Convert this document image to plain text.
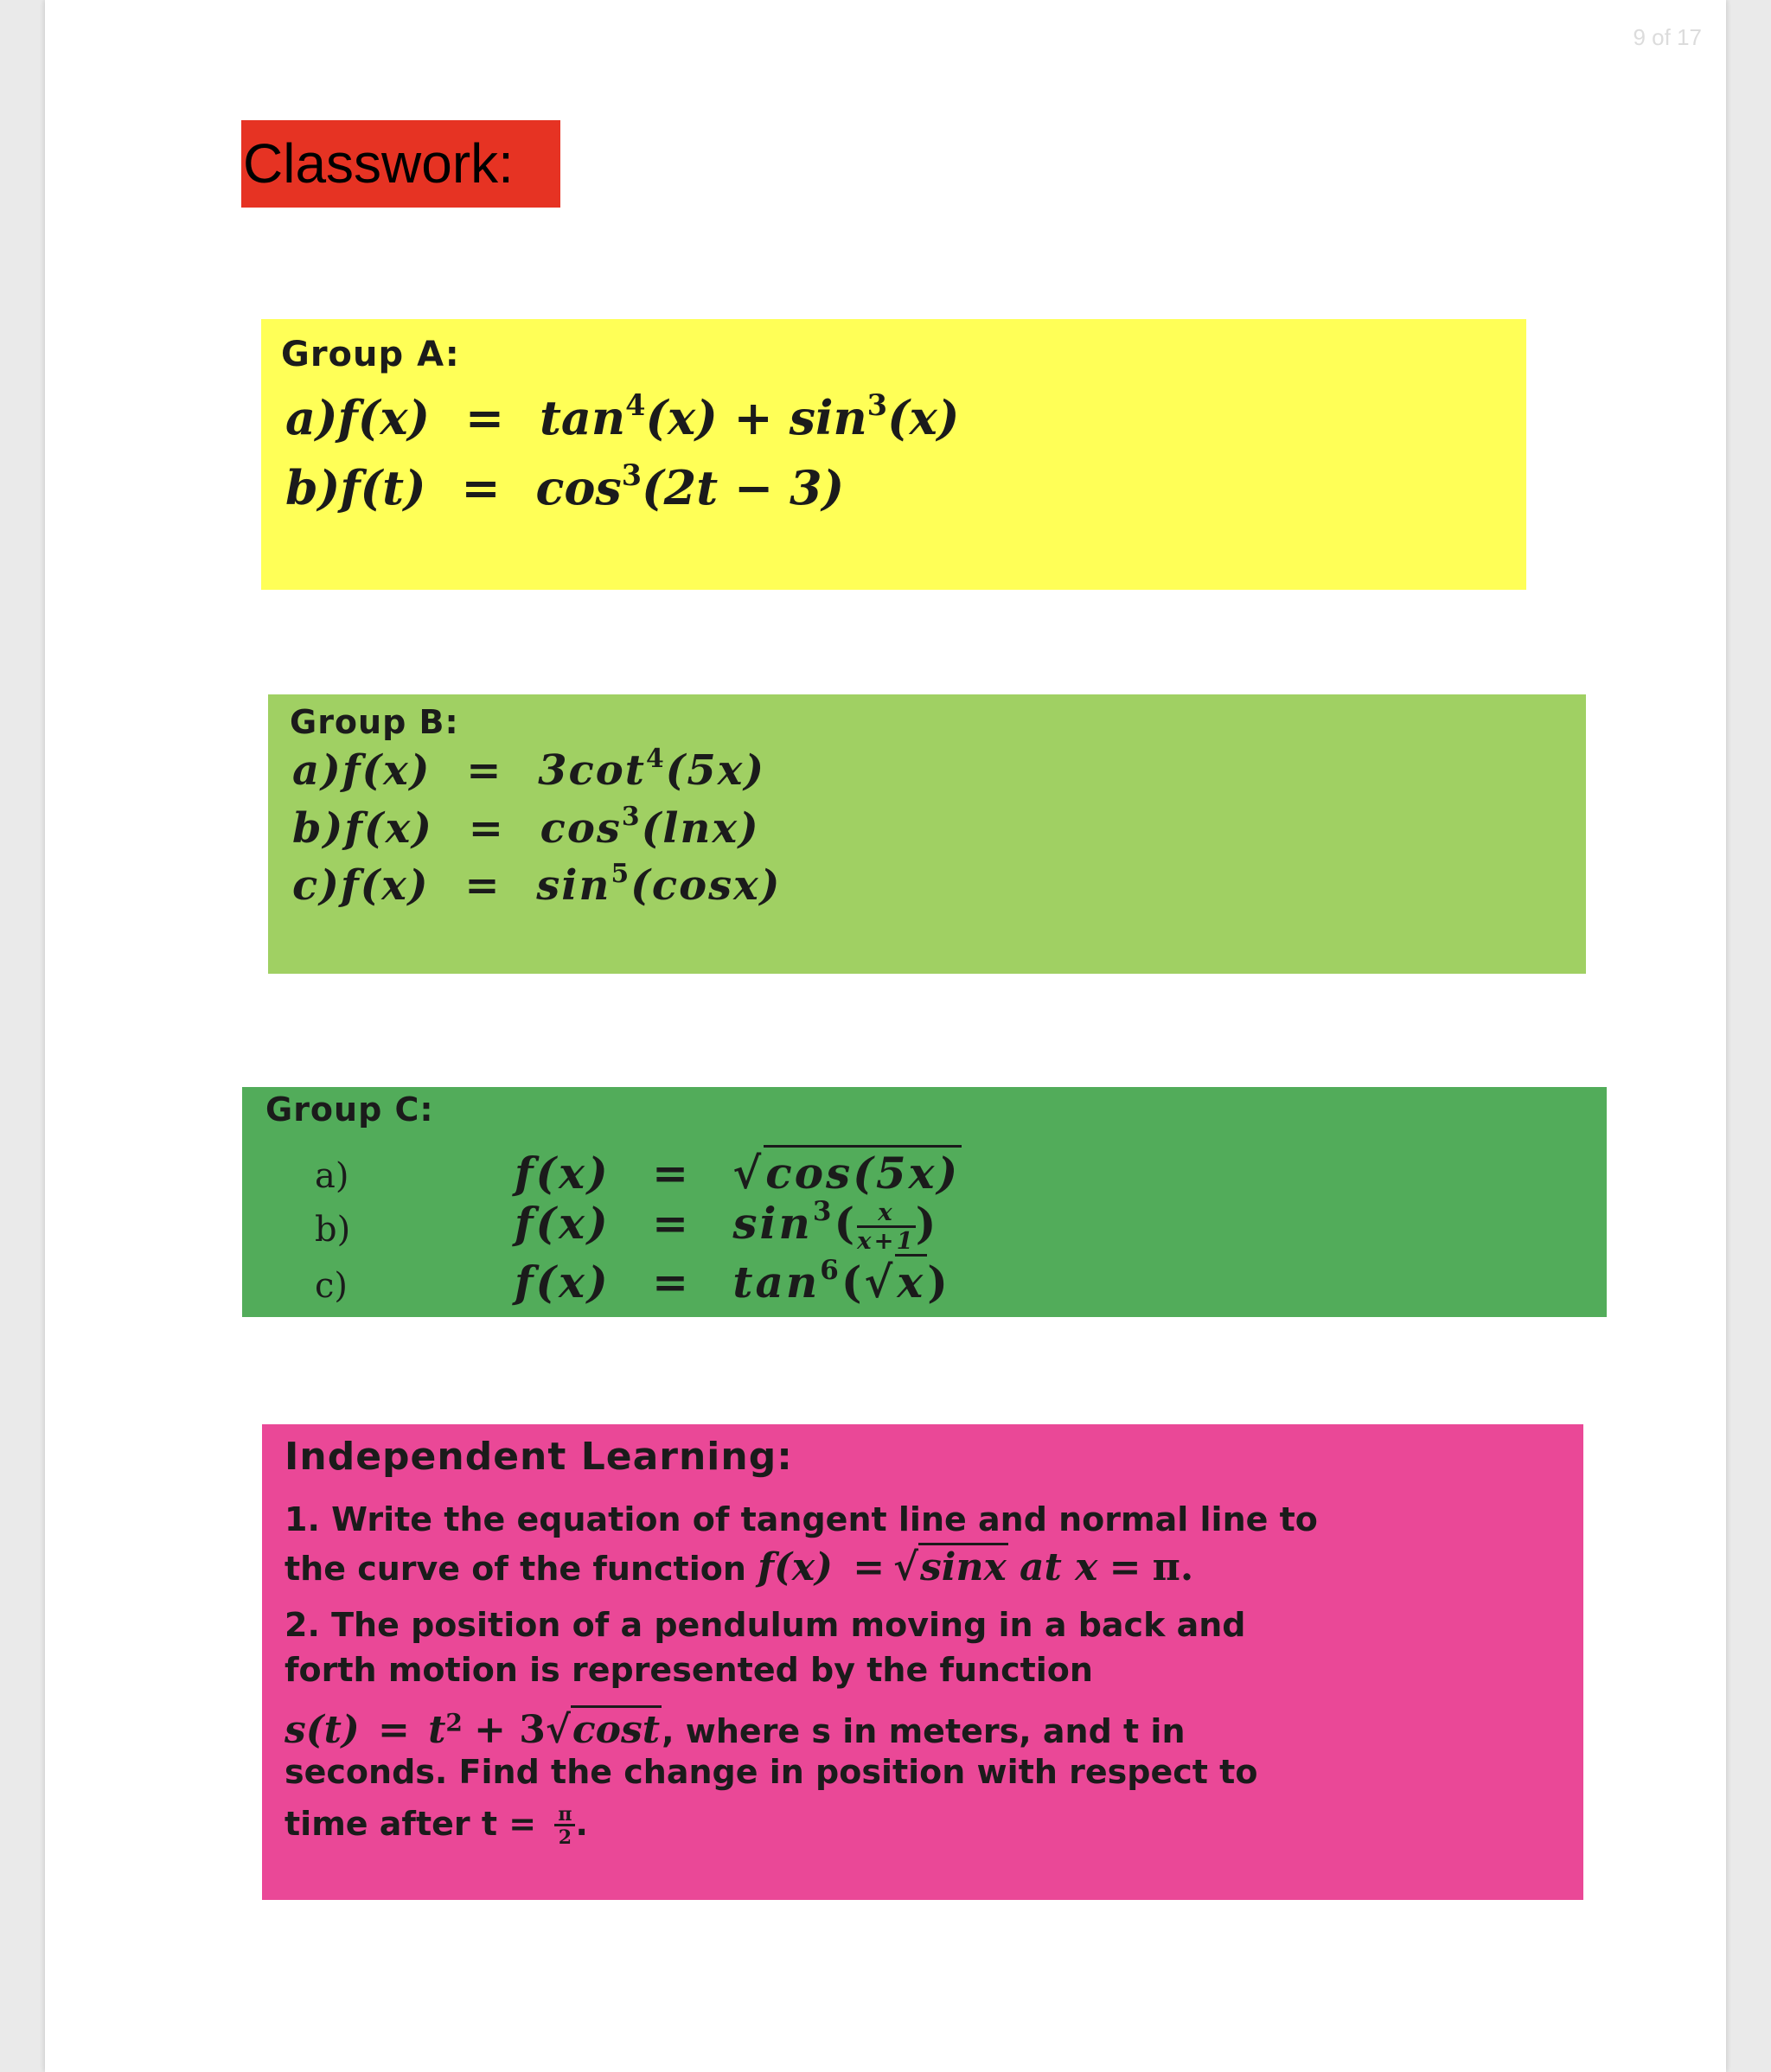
9 of 17
Classwork:
Group A:
$a)f(x) = \tan^4(x) + \sin^3(x)$
$b)f(t) = \cos^3(2t - 3)$
Group B:
$a)f(x) = 3\cot^4(5x)$
$b)f(x) = \cos^3(\ln x)$
$c)f(x) = \sin^5(\cos x)$
Group C:
a)	f(x) = √cos(5x)
b)	$f(x) = \sin^3( \frac{x}{x+1}$ )
c)	$f(x) = \tan^6(√x)$
Independent Learning:
1. Write the equation of tangent line and normal line to
the curve of the function f(x) = √sinx at x = π.
2. The position of a pendulum moving in a back and
forth motion is represented by the function
$s(t) = t^2 + 3√\cos t$, where s in meters, and t in
seconds. Find the change in position with respect to
time after $t = \frac{\pi}{2}$ .
